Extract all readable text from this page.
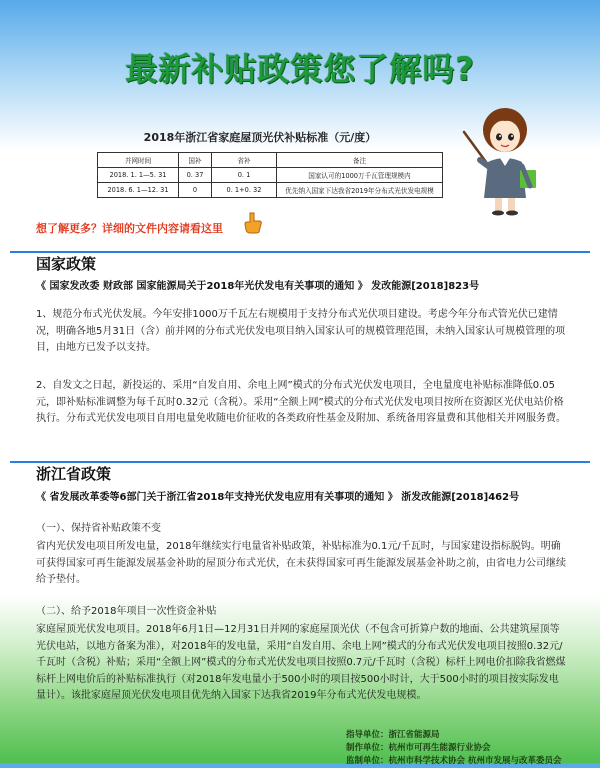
最新补贴政策您了解吗?
2018年浙江省家庭屋顶光伏补贴标准（元/度）
并网时间	国补	省补	备注
2018. 1. 1—5. 31	0. 37	0. 1	国家认可的1000万千瓦管理规模内
2018. 6. 1—12. 31	0	0. 1+0. 32	优先纳入国家下达我省2019年分布式光伏发电规模
想了解更多？详细的文件内容请看这里
国家政策
《 国家发改委 财政部 国家能源局关于2018年光伏发电有关事项的通知 》 发改能源[2018]823号
1、规范分布式光伏发展。今年安排1000万千瓦左右规模用于支持分布式光伏项目建设。考虑今年分布式管光伏已建情况，明确各地5月31日（含）前并网的分布式光伏发电项目纳入国家认可的规模管理范围，未纳入国家认可规模管理的项目，由地方已发予以支持。
2、自发文之日起，新投运的、采用“自发自用、余电上网”模式的分布式光伏发电项目，全电量度电补贴标准降低0.05元，即补贴标准调整为每千瓦时0.32元（含税）。采用“全额上网”模式的分布式光伏发电项目按所在资源区光伏电站价格执行。分布式光伏发电项目自用电量免收随电价征收的各类政府性基金及附加、系统备用容量费和其他相关并网服务费。
浙江省政策
《 省发展改革委等6部门关于浙江省2018年支持光伏发电应用有关事项的通知 》 浙发改能源[2018]462号
（一）、保持省补贴政策不变
省内光伏发电项目所发电量，2018年继续实行电量省补贴政策，补贴标准为0.1元/千瓦时，与国家建设指标脱钩。明确可获得国家可再生能源发展基金补助的屋顶分布式光伏，在未获得国家可再生能源发展基金补助之前，由省电力公司继续给予垫付。
（二）、给予2018年项目一次性资金补贴
家庭屋顶光伏发电项目。2018年6月1日—12月31日并网的家庭屋顶光伏（不包含可折算户数的地面、公共建筑屋顶等光伏电站，以地方备案为准），对2018年的发电量，采用“自发自用、余电上网”模式的分布式光伏发电项目按照0.32元/千瓦时（含税）补贴；采用“全额上网”模式的分布式光伏发电项目按照0.7元/千瓦时（含税）标杆上网电价扣除我省燃煤标杆上网电价后的补贴标准执行（对2018年发电量小于500小时的项目按500小时计，大于500小时的项目按实际发电量计）。该批家庭屋顶光伏发电项目优先纳入国家下达我省2019年分布式光伏发电规模。
指导单位：浙江省能源局
制作单位：杭州市可再生能源行业协会
监制单位：杭州市科学技术协会 杭州市发展与改革委员会
